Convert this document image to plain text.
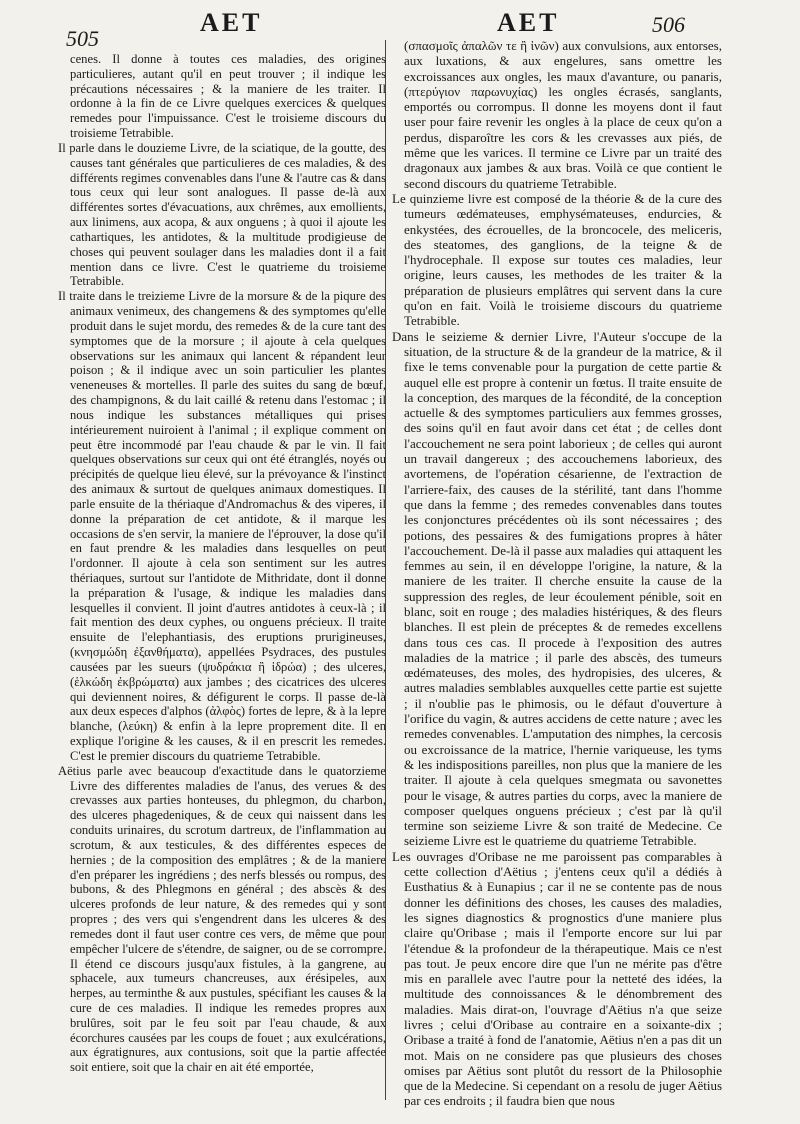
AET	AET
505
506

cenes. Il donne à toutes ces maladies, des origines particulieres, autant qu'il en peut trouver ; il indique les précautions nécessaires ; & la maniere de les traiter. Il ordonne à la fin de ce Livre quelques exercices & quelques remedes pour l'impuissance. C'est le troisieme discours du troisieme Tetrabible.

Il parle dans le douzieme Livre, de la sciatique, de la goutte, des causes tant générales que particulieres de ces maladies, & des différents regimes convenables dans l'une & l'autre cas & dans tous ceux qui leur sont analogues. Il passe de-là aux différentes sortes d'évacuations, aux chrêmes, aux emollients, aux linimens, aux acopa, & aux onguens ; à quoi il ajoute les cathartiques, les antidotes, & la multitude prodigieuse de choses qui peuvent soulager dans les maladies dont il a fait mention dans ce livre. C'est le quatrieme du troisieme Tetrabible.

Il traite dans le treizieme Livre de la morsure & de la piqure des animaux venimeux, des changemens & des symptomes qu'elle produit dans le sujet mordu, des remedes & de la cure tant des symptomes que de la morsure ; il ajoute à cela quelques observations sur les animaux qui lancent & répandent leur poison ; & il indique avec un soin particulier les plantes veneneuses & mortelles. Il parle des suites du sang de bœuf, des champignons, & du lait caillé & retenu dans l'estomac ; il nous indique les substances métalliques qui prises intérieurement nuiroient à l'animal ; il explique comment on peut être incommodé par l'eau chaude & par le vin. Il fait quelques observations sur ceux qui ont été étranglés, noyés ou précipités de quelque lieu élevé, sur la prévoyance & l'instinct des animaux & surtout de quelques animaux domestiques. Il parle ensuite de la thériaque d'Andromachus & des viperes, il donne la préparation de cet antidote, & il marque les occasions de s'en servir, la maniere de l'éprouver, la dose qu'il en faut prendre & les maladies dans lesquelles on peut l'ordonner. Il ajoute à cela son sentiment sur les autres thériaques, surtout sur l'antidote de Mithridate, dont il donne la préparation & l'usage, & indique les maladies dans lesquelles il convient. Il joint d'autres antidotes à ceux-là ; il fait mention des deux cyphes, ou onguens précieux. Il traite ensuite de l'elephantiasis, des eruptions prurigineuses, (κνησμώδη ἐξανθήματα), appellées Psydraces, des pustules causées par les sueurs (ψυδράκια ἢ ἱδρώα) ; des ulceres, (ἑλκώδη ἐκβρώματα) aux jambes ; des cicatrices des ulceres qui deviennent noires, & défigurent le corps. Il passe de-là aux deux especes d'alphos (ἀλφὸς) fortes de lepre, & à la lepre blanche, (λεύκη) & enfin à la lepre proprement dite. Il en explique l'origine & les causes, & il en prescrit les remedes. C'est le premier discours du quatrieme Tetrabible.

Aëtius parle avec beaucoup d'exactitude dans le quatorzieme Livre des differentes maladies de l'anus, des verues & des crevasses aux parties honteuses, du phlegmon, du charbon, des ulceres phagedeniques, & de ceux qui naissent dans les conduits urinaires, du scrotum dartreux, de l'inflammation au scrotum, & aux testicules, & des différentes especes de hernies ; de la composition des emplâtres ; & de la maniere d'en préparer les ingrédiens ; des nerfs blessés ou rompus, des bubons, & des Phlegmons en général ; des abscès & des ulceres profonds de leur nature, & des remedes qui y sont propres ; des vers qui s'engendrent dans les ulceres & des remedes dont il faut user contre ces vers, de même que pour empêcher l'ulcere de s'étendre, de saigner, ou de se corrompre. Il étend ce discours jusqu'aux fistules, à la gangrene, au sphacele, aux tumeurs chancreuses, aux érésipeles, aux herpes, au terminthe & aux pustules, spécifiant les causes & la cure de ces maladies. Il indique les remedes propres aux brulûres, soit par le feu soit par l'eau chaude, & aux écorchures causées par les coups de fouet ; aux exulcérations, aux égratignures, aux contusions, soit que la partie affectée soit entiere, soit que la chair en ait été emportée,

(σπασμοῖς ἀπαλῶν τε ἢ ἰνῶν) aux convulsions, aux entorses, aux luxations, & aux engelures, sans omettre les excroissances aux ongles, les maux d'avanture, ou panaris, (πτερύγιον παρωνυχίας) les ongles écrasés, sanglants, emportés ou corrompus. Il donne les moyens dont il faut user pour faire revenir les ongles à la place de ceux qu'on a perdus, disparoître les cors & les crevasses aux piés, de même que les varices. Il termine ce Livre par un traité des dragonaux aux jambes & aux bras. Voilà ce que contient le second discours du quatrieme Tetrabible.

Le quinzieme livre est composé de la théorie & de la cure des tumeurs œdémateuses, emphysémateuses, endurcies, & enkystées, des écrouelles, de la broncocele, des meliceris, des steatomes, des ganglions, de la teigne & de l'hydrocephale. Il expose sur toutes ces maladies, leur origine, leurs causes, les methodes de les traiter & la préparation de plusieurs emplâtres qui servent dans la cure qu'on en fait. Voilà le troisieme discours du quatrieme Tetrabible.

Dans le seizieme & dernier Livre, l'Auteur s'occupe de la situation, de la structure & de la grandeur de la matrice, & il fixe le tems convenable pour la purgation de cette partie & auquel elle est propre à contenir un fœtus. Il traite ensuite de la conception, des marques de la fécondité, de la conception actuelle & des symptomes particuliers aux femmes grosses, des soins qu'il en faut avoir dans cet état ; de celles dont l'accouchement ne sera point laborieux ; de celles qui auront un travail dangereux ; des accouchemens laborieux, des avortemens, de l'opération césarienne, de l'extraction de l'arriere-faix, des causes de la stérilité, tant dans l'homme que dans la femme ; des remedes convenables dans toutes les conjonctures précédentes où ils sont nécessaires ; des potions, des pessaires & des fumigations propres à hâter l'accouchement. De-là il passe aux maladies qui attaquent les femmes au sein, il en développe l'origine, la nature, & la maniere de les traiter. Il cherche ensuite la cause de la suppression des regles, de leur écoulement pénible, soit en blanc, soit en rouge ; des maladies histériques, & des fleurs blanches. Il est plein de préceptes & de remedes excellens dans tous ces cas. Il procede à l'exposition des autres maladies de la matrice ; il parle des abscès, des tumeurs œdémateuses, des moles, des hydropisies, des ulceres, & autres maladies semblables auxquelles cette partie est sujette ; il n'oublie pas le phimosis, ou le défaut d'ouverture à l'orifice du vagin, & autres accidens de cette nature ; avec les remedes convenables. L'amputation des nimphes, la cercosis ou excroissance de la matrice, l'hernie variqueuse, les tyms & les indispositions pareilles, non plus que la maniere de les traiter. Il ajoute à cela quelques smegmata ou savonettes pour le visage, & autres parties du corps, avec la maniere de composer quelques onguens précieux ; c'est par là qu'il termine son seizieme Livre & son traité de Medecine. Ce seizieme Livre est le quatrieme du quatrieme Tetrabible.

Les ouvrages d'Oribase ne me paroissent pas comparables à cette collection d'Aëtius ; j'entens ceux qu'il a dédiés à Eusthatius & à Eunapius ; car il ne se contente pas de nous donner les définitions des choses, les causes des maladies, les signes diagnostics & prognostics d'une maniere plus claire qu'Oribase ; mais il l'emporte encore sur lui par l'étendue & la profondeur de la thérapeutique. Mais ce n'est pas tout. Je peux encore dire que l'un ne mérite pas d'être mis en parallele avec l'autre pour la netteté des idées, la multitude des connoissances & le dénombrement des maladies. Mais dirat-on, l'ouvrage d'Aëtius n'a que seize livres ; celui d'Oribase au contraire en a soixante-dix ; Oribase a traité à fond de l'anatomie, Aëtius n'en a pas dit un mot. Mais on ne considere pas que plusieurs des choses omises par Aëtius sont plutôt du ressort de la Philosophie que de la Medecine. Si cependant on a resolu de juger Aëtius par ces endroits ; il faudra bien que nous
